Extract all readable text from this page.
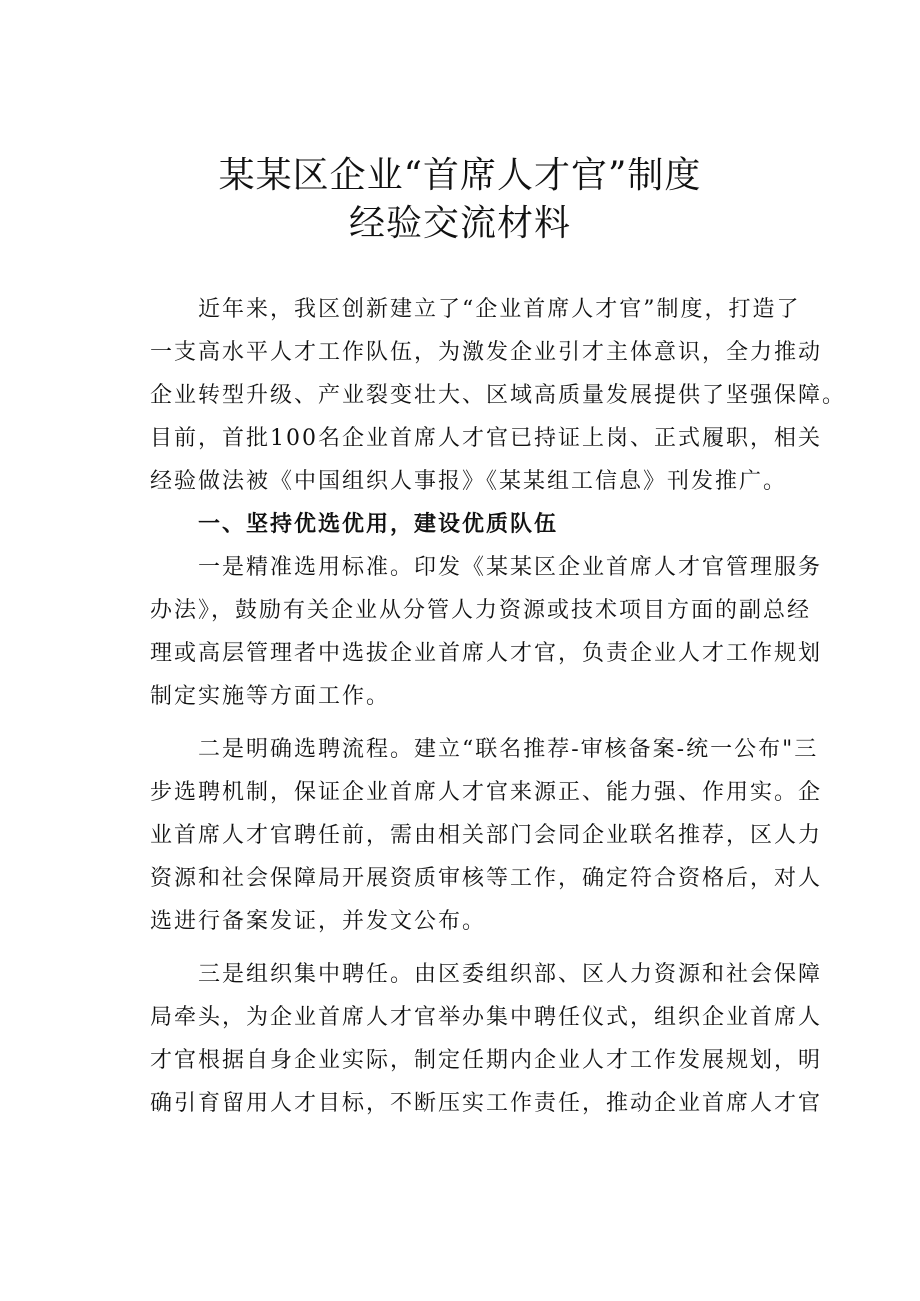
某某区企业“首席人才官”制度
经验交流材料
近年来，我区创新建立了“企业首席人才官”制度，打造了
一支高水平人才工作队伍，为激发企业引才主体意识，全力推动
企业转型升级、产业裂变壮大、区域高质量发展提供了坚强保障。
目前，首批100名企业首席人才官已持证上岗、正式履职，相关
经验做法被《中国组织人事报》《某某组工信息》刊发推广。
一、坚持优选优用，建设优质队伍
一是精准选用标准。印发《某某区企业首席人才官管理服务
办法》，鼓励有关企业从分管人力资源或技术项目方面的副总经
理或高层管理者中选拔企业首席人才官，负责企业人才工作规划
制定实施等方面工作。
二是明确选聘流程。建立“联名推荐-审核备案-统一公布"三
步选聘机制，保证企业首席人才官来源正、能力强、作用实。企
业首席人才官聘任前，需由相关部门会同企业联名推荐，区人力
资源和社会保障局开展资质审核等工作，确定符合资格后，对人
选进行备案发证，并发文公布。
三是组织集中聘任。由区委组织部、区人力资源和社会保障
局牵头，为企业首席人才官举办集中聘任仪式，组织企业首席人
才官根据自身企业实际，制定任期内企业人才工作发展规划，明
确引育留用人才目标，不断压实工作责任，推动企业首席人才官
